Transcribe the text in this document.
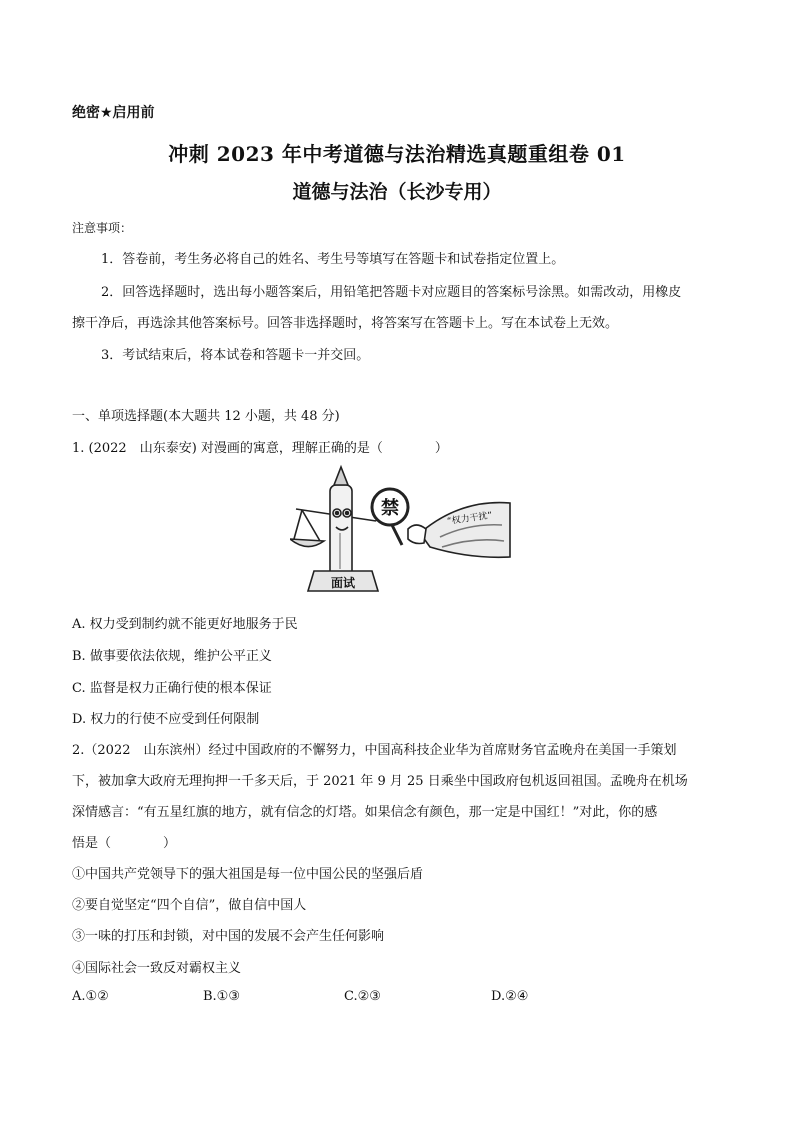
绝密★启用前
冲刺 2023 年中考道德与法治精选真题重组卷 01
道德与法治（长沙专用）
注意事项：
1．答卷前，考生务必将自己的姓名、考生号等填写在答题卡和试卷指定位置上。
2．回答选择题时，选出每小题答案后，用铅笔把答题卡对应题目的答案标号涂黑。如需改动，用橡皮
擦干净后，再选涂其他答案标号。回答非选择题时，将答案写在答题卡上。写在本试卷上无效。
3．考试结束后，将本试卷和答题卡一并交回。
一、单项选择题(本大题共 12 小题，共 48 分)
1. (2022　山东泰安) 对漫画的寓意，理解正确的是（　　　　）
面试
禁
“权力干扰”
A. 权力受到制约就不能更好地服务于民
B. 做事要依法依规，维护公平正义
C. 监督是权力正确行使的根本保证
D. 权力的行使不应受到任何限制
2.（2022　山东滨州）经过中国政府的不懈努力，中国高科技企业华为首席财务官孟晚舟在美国一手策划
下，被加拿大政府无理拘押一千多天后，于 2021 年 9 月 25 日乘坐中国政府包机返回祖国。孟晚舟在机场
深情感言：“有五星红旗的地方，就有信念的灯塔。如果信念有颜色，那一定是中国红！”对此，你的感
悟是（　　　　）
①中国共产党领导下的强大祖国是每一位中国公民的坚强后盾
②要自觉坚定“四个自信”，做自信中国人
③一味的打压和封锁，对中国的发展不会产生任何影响
④国际社会一致反对霸权主义
A.①②	B.①③	C.②③	D.②④
